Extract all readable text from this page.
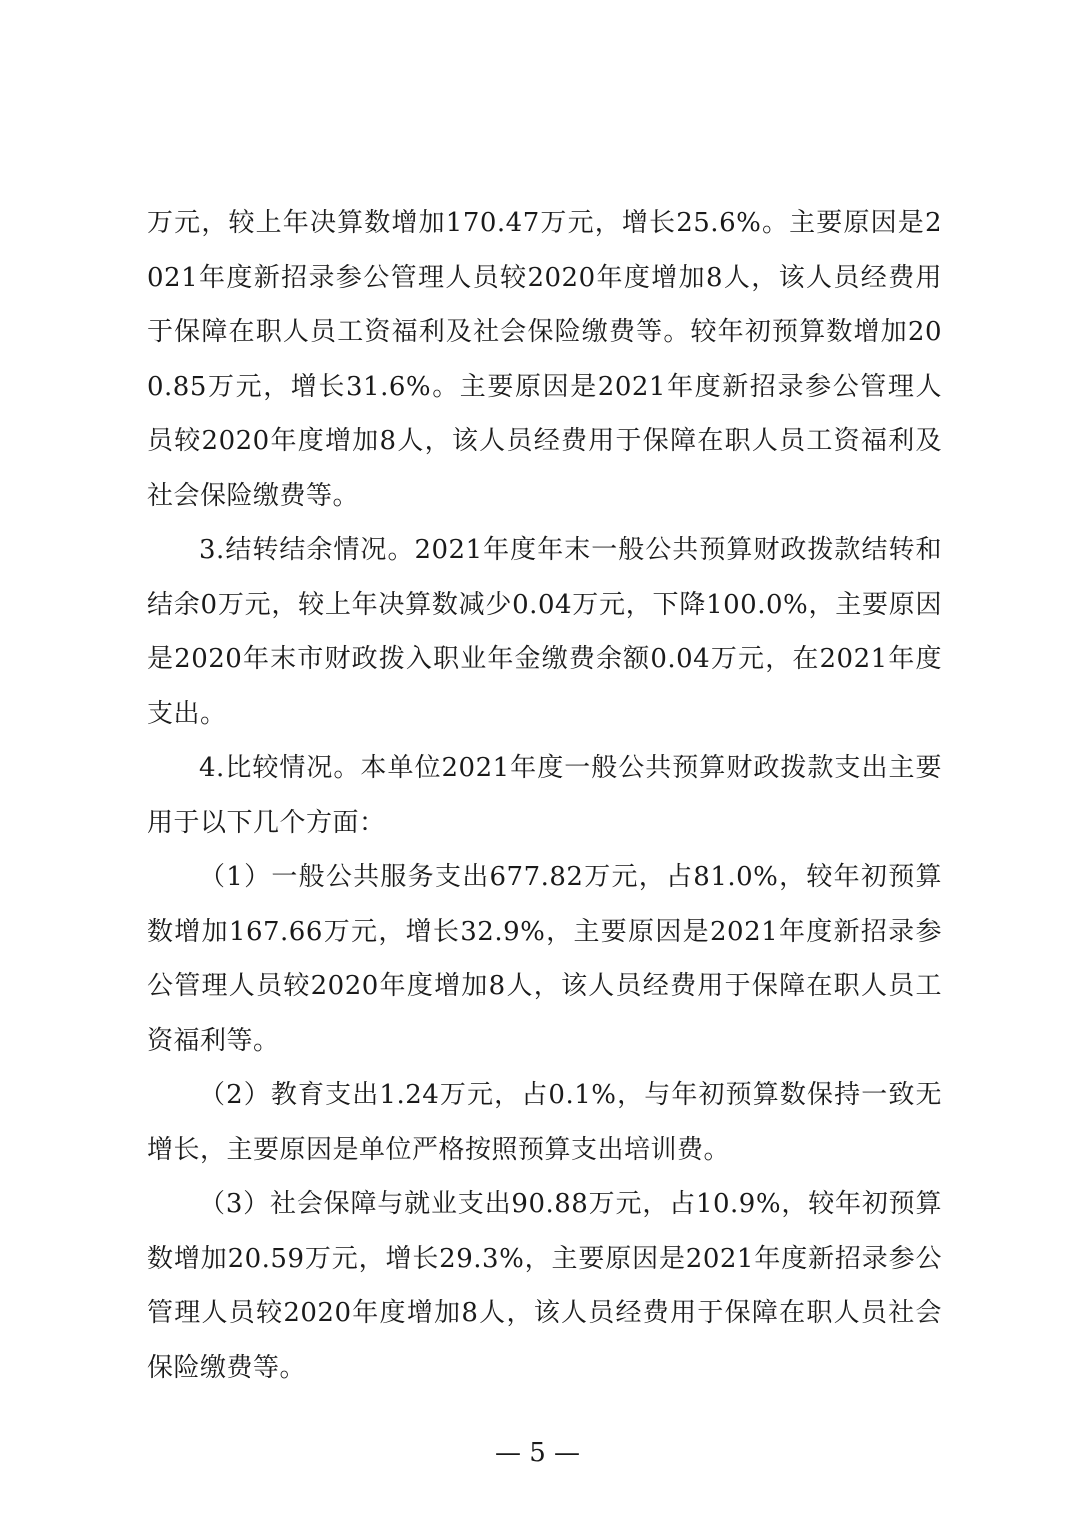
万元，较上年决算数增加170.47万元，增长25.6%。主要原因是2021年度新招录参公管理人员较2020年度增加8人，该人员经费用于保障在职人员工资福利及社会保险缴费等。较年初预算数增加200.85万元，增长31.6%。主要原因是2021年度新招录参公管理人员较2020年度增加8人，该人员经费用于保障在职人员工资福利及社会保险缴费等。

3.结转结余情况。2021年度年末一般公共预算财政拨款结转和结余0万元，较上年决算数减少0.04万元，下降100.0%，主要原因是2020年末市财政拨入职业年金缴费余额0.04万元，在2021年度支出。

4.比较情况。本单位2021年度一般公共预算财政拨款支出主要用于以下几个方面：

（1）一般公共服务支出677.82万元，占81.0%，较年初预算数增加167.66万元，增长32.9%，主要原因是2021年度新招录参公管理人员较2020年度增加8人，该人员经费用于保障在职人员工资福利等。

（2）教育支出1.24万元，占0.1%，与年初预算数保持一致无增长，主要原因是单位严格按照预算支出培训费。

（3）社会保障与就业支出90.88万元，占10.9%，较年初预算数增加20.59万元，增长29.3%，主要原因是2021年度新招录参公管理人员较2020年度增加8人，该人员经费用于保障在职人员社会保险缴费等。

— 5 —
